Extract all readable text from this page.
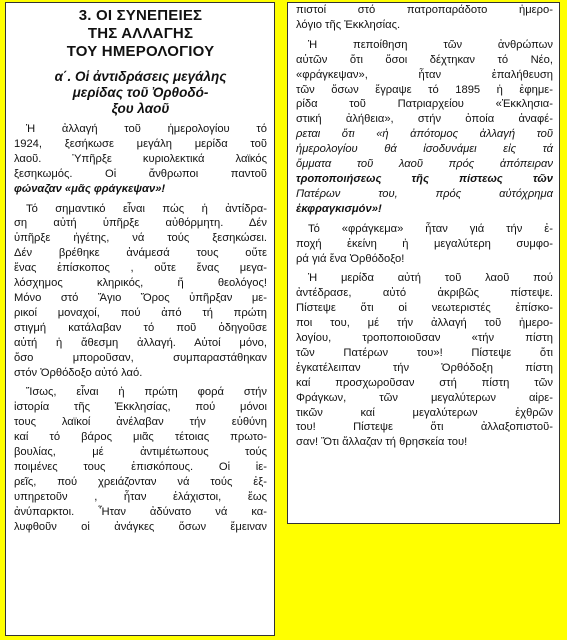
3. ΟΙ ΣΥΝΕΠΕΙΕΣ
ΤΗΣ ΑΛΛΑΓΗΣ
ΤΟΥ ΗΜΕΡΟΛΟΓΙΟΥ
α΄. Οἱ ἀντιδράσεις μεγάλης
μερίδας τοῦ Ὀρθοδό-
ξου λαοῦ

Ἡ ἀλλαγή τοῦ ἡμερολογίου τό
1924, ξεσήκωσε μεγάλη μερίδα τοῦ
λαοῦ. Ὑπῆρξε κυριολεκτικά λαϊκός
ξεσηκωμός. Οἱ ἄνθρωποι παντοῦ
φώναζαν «μᾶς φράγκεψαν»!

Τό σημαντικό εἶναι πώς ἡ ἀντίδρα-
ση αὐτή ὑπῆρξε αὐθόρμητη. Δέν
ὑπῆρξε ἡγέτης, νά τούς ξεσηκώσει.
Δέν βρέθηκε ἀνάμεσά τους οὔτε
ἕνας ἐπίσκοπος , οὔτε ἕνας μεγα-
λόσχημος κληρικός, ἤ θεολόγος!
Μόνο στό Ἅγιο Ὄρος ὑπῆρξαν με-
ρικοί μοναχοί, πού ἀπό τή πρώτη
στιγμή κατάλαβαν τό ποῦ ὁδηγοῦσε
αὐτή ἡ ἄθεσμη ἀλλαγή. Αὐτοί μόνο,
ὅσο μποροῦσαν, συμπαραστάθηκαν
στόν Ὀρθόδοξο αὐτό λαό.

Ἴσως, εἶναι ἡ πρώτη φορά στήν
ἱστορία τῆς Ἐκκλησίας, πού μόνοι
τους λαϊκοί ἀνέλαβαν τήν εὐθύνη
καί τό βάρος μιᾶς τέτοιας πρωτο-
βουλίας, μέ ἀντιμέτωπους τούς
ποιμένες τους ἐπισκόπους. Οἱ ἱε-
ρεῖς, πού χρειάζονταν νά τούς ἐξ-
υπηρετοῦν , ἦταν ἐλάχιστοι, ἕως
ἀνύπαρκτοι. Ἦταν ἀδύνατο νά κα-
λυφθοῦν οἱ ἀνάγκες ὅσων ἔμειναν

πιστοί στό πατροπαράδοτο ἡμερο-
λόγιο τῆς Ἐκκλησίας.

Ἡ πεποίθηση τῶν ἀνθρώπων
αὐτῶν ὅτι ὅσοι δέχτηκαν τό Νέο,
«φράγκεψαν», ἦταν ἐπαλήθευση
τῶν ὅσων ἔγραψε τό 1895 ἡ ἐφημε-
ρίδα τοῦ Πατριαρχείου «Ἐκκλησια-
στική ἀλήθεια», στήν ὁποία ἀναφέ-
ρεται ὅτι «ἡ ἀπότομος ἀλλαγή τοῦ
ἡμερολογίου θά ἰσοδυνάμει εἰς τά
ὄμματα τοῦ λαοῦ πρός ἀπόπειραν
τροποποιήσεως τῆς πίστεως τῶν
Πατέρων του, πρός αὐτόχρημα
ἐκφραγκισμόν»!

Τό «φράγκεμα» ἦταν γιά τήν ἐ-
ποχή ἐκείνη ἡ μεγαλύτερη συμφο-
ρά γιά ἕνα Ὀρθόδοξο!

Ἡ μερίδα αὐτή τοῦ λαοῦ πού
ἀντέδρασε, αὐτό ἀκριβῶς πίστεψε.
Πίστεψε ὅτι οἱ νεωτεριστές ἐπίσκο-
ποι του, μέ τήν ἀλλαγή τοῦ ἡμερο-
λογίου, τροποποιοῦσαν «τήν πίστη
τῶν Πατέρων του»! Πίστεψε ὅτι
ἐγκατέλειπαν τήν Ὀρθόδοξη πίστη
καί προσχωροῦσαν στή πίστη τῶν
Φράγκων, τῶν μεγαλύτερων αἱρε-
τικῶν καί μεγαλύτερων ἐχθρῶν
του! Πίστεψε ὅτι ἀλλαξοπιστοῦ-
σαν! Ὅτι ἄλλαζαν τή θρησκεία του!
